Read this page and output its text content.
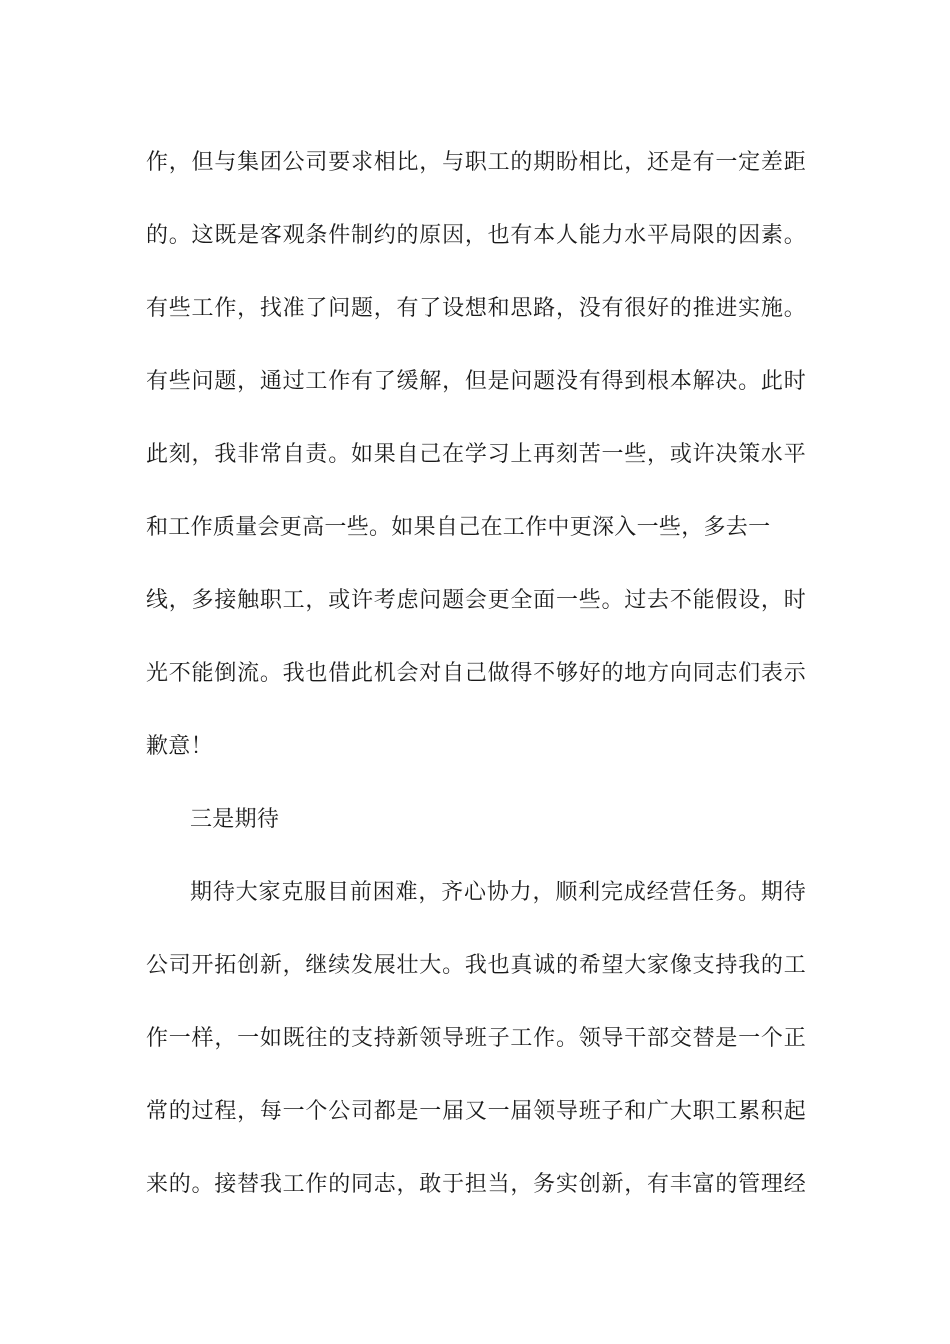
作，但与集团公司要求相比，与职工的期盼相比，还是有一定差距
的。这既是客观条件制约的原因，也有本人能力水平局限的因素。
有些工作，找准了问题，有了设想和思路，没有很好的推进实施。
有些问题，通过工作有了缓解，但是问题没有得到根本解决。此时
此刻，我非常自责。如果自己在学习上再刻苦一些，或许决策水平
和工作质量会更高一些。如果自己在工作中更深入一些，多去一
线，多接触职工，或许考虑问题会更全面一些。过去不能假设，时
光不能倒流。我也借此机会对自己做得不够好的地方向同志们表示
歉意！
三是期待
期待大家克服目前困难，齐心协力，顺利完成经营任务。期待
公司开拓创新，继续发展壮大。我也真诚的希望大家像支持我的工
作一样，一如既往的支持新领导班子工作。领导干部交替是一个正
常的过程，每一个公司都是一届又一届领导班子和广大职工累积起
来的。接替我工作的同志，敢于担当，务实创新，有丰富的管理经
